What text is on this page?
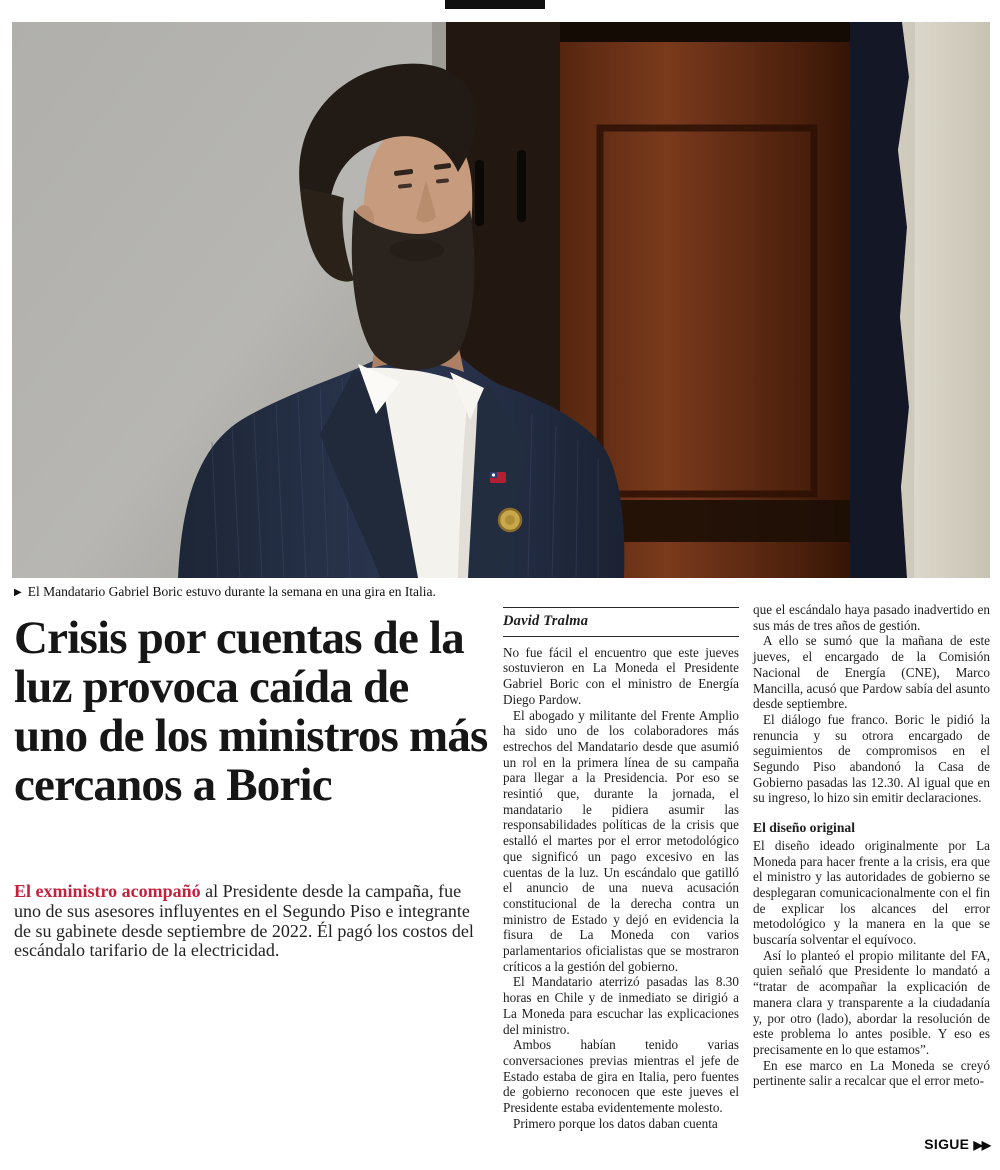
▶ El Mandatario Gabriel Boric estuvo durante la semana en una gira en Italia.
Crisis por cuentas de la luz provoca caída de uno de los ministros más cercanos a Boric
El exministro acompañó al Presidente desde la campaña, fue uno de sus asesores influyentes en el Segundo Piso e integrante de su gabinete desde septiembre de 2022. Él pagó los costos del escándalo tarifario de la electricidad.
David Tralma

No fue fácil el encuentro que este jueves sostuvieron en La Moneda el Presidente Gabriel Boric con el ministro de Energía Diego Pardow.

El abogado y militante del Frente Amplio ha sido uno de los colaboradores más estrechos del Mandatario desde que asumió un rol en la primera línea de su campaña para llegar a la Presidencia. Por eso se resintió que, durante la jornada, el mandatario le pidiera asumir las responsabilidades políticas de la crisis que estalló el martes por el error metodológico que significó un pago excesivo en las cuentas de la luz. Un escándalo que gatilló el anuncio de una nueva acusación constitucional de la derecha contra un ministro de Estado y dejó en evidencia la fisura de La Moneda con varios parlamentarios oficialistas que se mostraron críticos a la gestión del gobierno.

El Mandatario aterrizó pasadas las 8.30 horas en Chile y de inmediato se dirigió a La Moneda para escuchar las explicaciones del ministro.

Ambos habían tenido varias conversaciones previas mientras el jefe de Estado estaba de gira en Italia, pero fuentes de gobierno reconocen que este jueves el Presidente estaba evidentemente molesto.

Primero porque los datos daban cuenta

que el escándalo haya pasado inadvertido en sus más de tres años de gestión.

A ello se sumó que la mañana de este jueves, el encargado de la Comisión Nacional de Energía (CNE), Marco Mancilla, acusó que Pardow sabía del asunto desde septiembre.

El diálogo fue franco. Boric le pidió la renuncia y su otrora encargado de seguimientos de compromisos en el Segundo Piso abandonó la Casa de Gobierno pasadas las 12.30. Al igual que en su ingreso, lo hizo sin emitir declaraciones.

El diseño original

El diseño ideado originalmente por La Moneda para hacer frente a la crisis, era que el ministro y las autoridades de gobierno se desplegaran comunicacionalmente con el fin de explicar los alcances del error metodológico y la manera en la que se buscaría solventar el equívoco.

Así lo planteó el propio militante del FA, quien señaló que Presidente lo mandató a “tratar de acompañar la explicación de manera clara y transparente a la ciudadanía y, por otro (lado), abordar la resolución de este problema lo antes posible. Y eso es precisamente en lo que estamos”.

En ese marco en La Moneda se creyó pertinente salir a recalcar que el error meto-

SIGUE ▶▶
